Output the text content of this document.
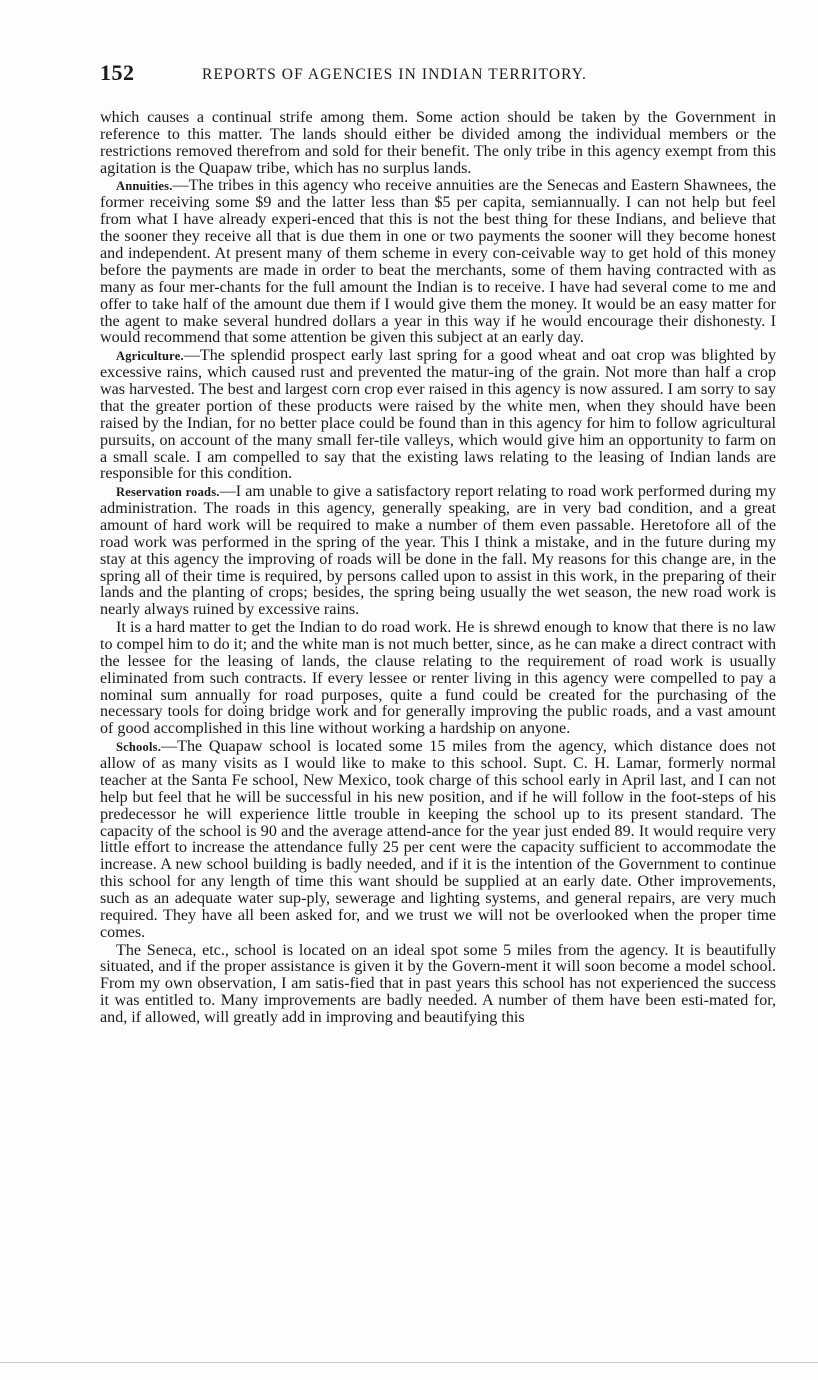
152	REPORTS OF AGENCIES IN INDIAN TERRITORY.

which causes a continual strife among them. Some action should be taken by the Government in reference to this matter. The lands should either be divided among the individual members or the restrictions removed therefrom and sold for their benefit. The only tribe in this agency exempt from this agitation is the Quapaw tribe, which has no surplus lands.

Annuities.—The tribes in this agency who receive annuities are the Senecas and Eastern Shawnees, the former receiving some $9 and the latter less than $5 per capita, semiannually. I can not help but feel from what I have already experi-enced that this is not the best thing for these Indians, and believe that the sooner they receive all that is due them in one or two payments the sooner will they become honest and independent. At present many of them scheme in every con-ceivable way to get hold of this money before the payments are made in order to beat the merchants, some of them having contracted with as many as four mer-chants for the full amount the Indian is to receive. I have had several come to me and offer to take half of the amount due them if I would give them the money. It would be an easy matter for the agent to make several hundred dollars a year in this way if he would encourage their dishonesty. I would recommend that some attention be given this subject at an early day.

Agriculture.—The splendid prospect early last spring for a good wheat and oat crop was blighted by excessive rains, which caused rust and prevented the matur-ing of the grain. Not more than half a crop was harvested. The best and largest corn crop ever raised in this agency is now assured. I am sorry to say that the greater portion of these products were raised by the white men, when they should have been raised by the Indian, for no better place could be found than in this agency for him to follow agricultural pursuits, on account of the many small fer-tile valleys, which would give him an opportunity to farm on a small scale. I am compelled to say that the existing laws relating to the leasing of Indian lands are responsible for this condition.

Reservation roads.—I am unable to give a satisfactory report relating to road work performed during my administration. The roads in this agency, generally speaking, are in very bad condition, and a great amount of hard work will be required to make a number of them even passable. Heretofore all of the road work was performed in the spring of the year. This I think a mistake, and in the future during my stay at this agency the improving of roads will be done in the fall. My reasons for this change are, in the spring all of their time is required, by persons called upon to assist in this work, in the preparing of their lands and the planting of crops; besides, the spring being usually the wet season, the new road work is nearly always ruined by excessive rains.

It is a hard matter to get the Indian to do road work. He is shrewd enough to know that there is no law to compel him to do it; and the white man is not much better, since, as he can make a direct contract with the lessee for the leasing of lands, the clause relating to the requirement of road work is usually eliminated from such contracts. If every lessee or renter living in this agency were compelled to pay a nominal sum annually for road purposes, quite a fund could be created for the purchasing of the necessary tools for doing bridge work and for generally improving the public roads, and a vast amount of good accomplished in this line without working a hardship on anyone.

Schools.—The Quapaw school is located some 15 miles from the agency, which distance does not allow of as many visits as I would like to make to this school. Supt. C. H. Lamar, formerly normal teacher at the Santa Fe school, New Mexico, took charge of this school early in April last, and I can not help but feel that he will be successful in his new position, and if he will follow in the foot-steps of his predecessor he will experience little trouble in keeping the school up to its present standard. The capacity of the school is 90 and the average attend-ance for the year just ended 89. It would require very little effort to increase the attendance fully 25 per cent were the capacity sufficient to accommodate the increase. A new school building is badly needed, and if it is the intention of the Government to continue this school for any length of time this want should be supplied at an early date. Other improvements, such as an adequate water sup-ply, sewerage and lighting systems, and general repairs, are very much required. They have all been asked for, and we trust we will not be overlooked when the proper time comes.

The Seneca, etc., school is located on an ideal spot some 5 miles from the agency. It is beautifully situated, and if the proper assistance is given it by the Govern-ment it will soon become a model school. From my own observation, I am satis-fied that in past years this school has not experienced the success it was entitled to. Many improvements are badly needed. A number of them have been esti-mated for, and, if allowed, will greatly add in improving and beautifying this
